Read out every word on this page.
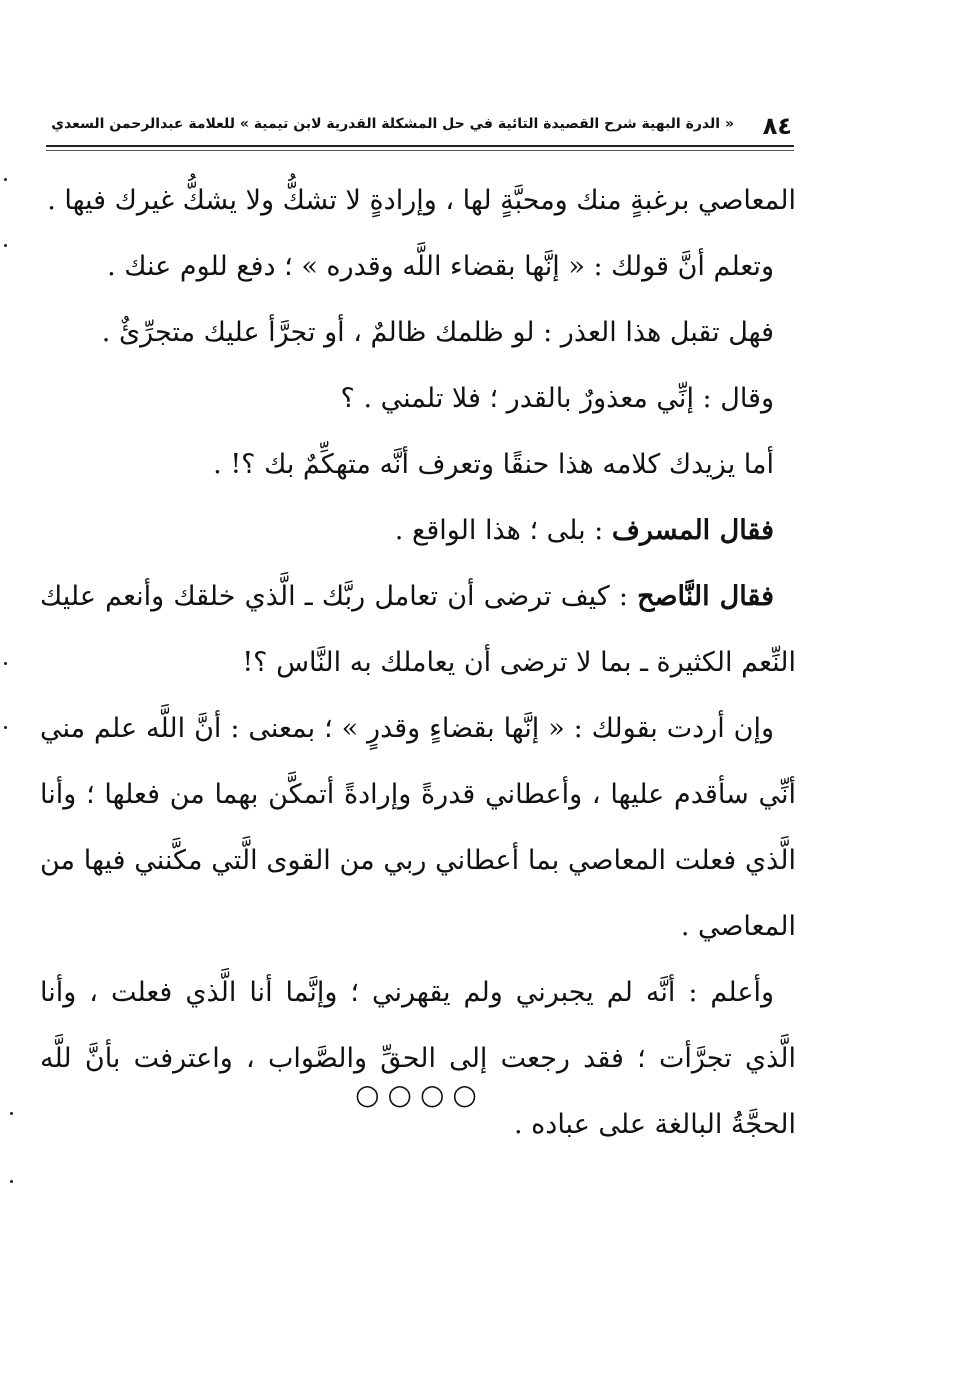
٨٤
« الدرة البهية شرح القصيدة التائية في حل المشكلة القدرية لابن تيمية » للعلامة عبدالرحمن السعدي

المعاصي برغبةٍ منك ومحبَّةٍ لها ، وإرادةٍ لا تشكُّ ولا يشكُّ غيرك فيها .

وتعلم أنَّ قولك : « إنَّها بقضاء اللَّه وقدره » ؛ دفع للوم عنك .

فهل تقبل هذا العذر : لو ظلمك ظالمٌ ، أو تجرَّأ عليك متجرِّئٌ .

وقال : إنِّي معذورٌ بالقدر ؛ فلا تلمني . ؟

أما يزيدك كلامه هذا حنقًا وتعرف أنَّه متهكِّمٌ بك ؟! .

فقال المسرف : بلى ؛ هذا الواقع .

فقال النَّاصح : كيف ترضى أن تعامل ربَّك ـ الَّذي خلقك وأنعم عليك النِّعم الكثيرة ـ بما لا ترضى أن يعاملك به النَّاس ؟!

وإن أردت بقولك : « إنَّها بقضاءٍ وقدرٍ » ؛ بمعنى : أنَّ اللَّه علم مني أنِّي سأقدم عليها ، وأعطاني قدرةً وإرادةً أتمكَّن بهما من فعلها ؛ وأنا الَّذي فعلت المعاصي بما أعطاني ربي من القوى الَّتي مكَّنني فيها من المعاصي .

وأعلم : أنَّه لم يجبرني ولم يقهرني ؛ وإنَّما أنا الَّذي فعلت ، وأنا الَّذي تجرَّأت ؛ فقد رجعت إلى الحقِّ والصَّواب ، واعترفت بأنَّ للَّه الحجَّةُ البالغة على عباده .

○○○○
